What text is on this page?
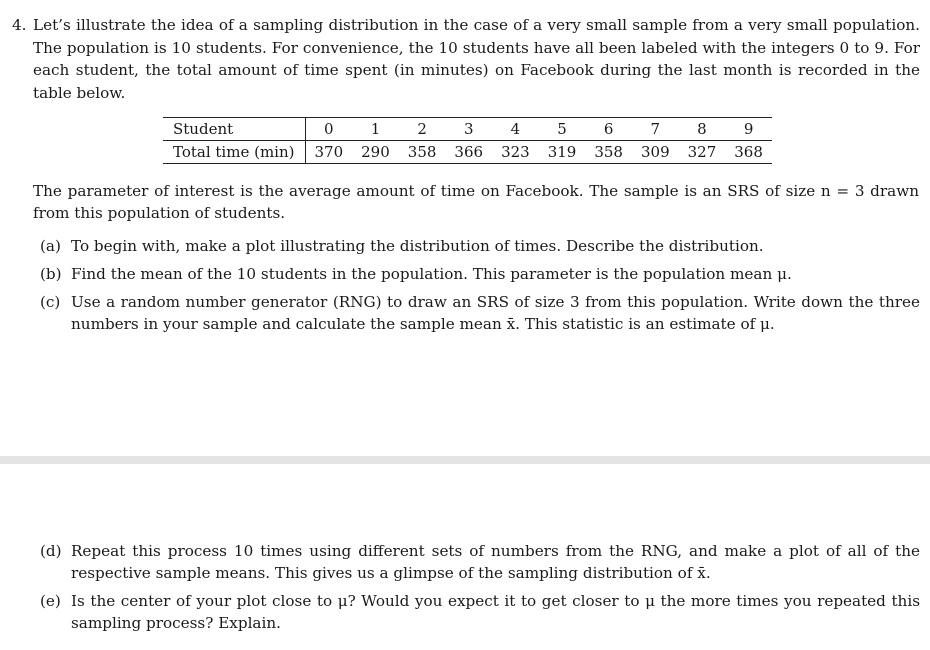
4. Let’s illustrate the idea of a sampling distribution in the case of a very small sample from a very small population. The population is 10 students. For convenience, the 10 students have all been labeled with the integers 0 to 9. For each student, the total amount of time spent (in minutes) on Facebook during the last month is recorded in the table below.
Student	0	1	2	3	4	5	6	7	8	9
Total time (min)	370	290	358	366	323	319	358	309	327	368
The parameter of interest is the average amount of time on Facebook. The sample is an SRS of size n = 3 drawn from this population of students.
(a) To begin with, make a plot illustrating the distribution of times. Describe the distribution.
(b) Find the mean of the 10 students in the population. This parameter is the population mean μ.
(c) Use a random number generator (RNG) to draw an SRS of size 3 from this population. Write down the three numbers in your sample and calculate the sample mean x̄. This statistic is an estimate of μ.
(d) Repeat this process 10 times using different sets of numbers from the RNG, and make a plot of all of the respective sample means. This gives us a glimpse of the sampling distribution of x̄.
(e) Is the center of your plot close to μ? Would you expect it to get closer to μ the more times you repeated this sampling process? Explain.
